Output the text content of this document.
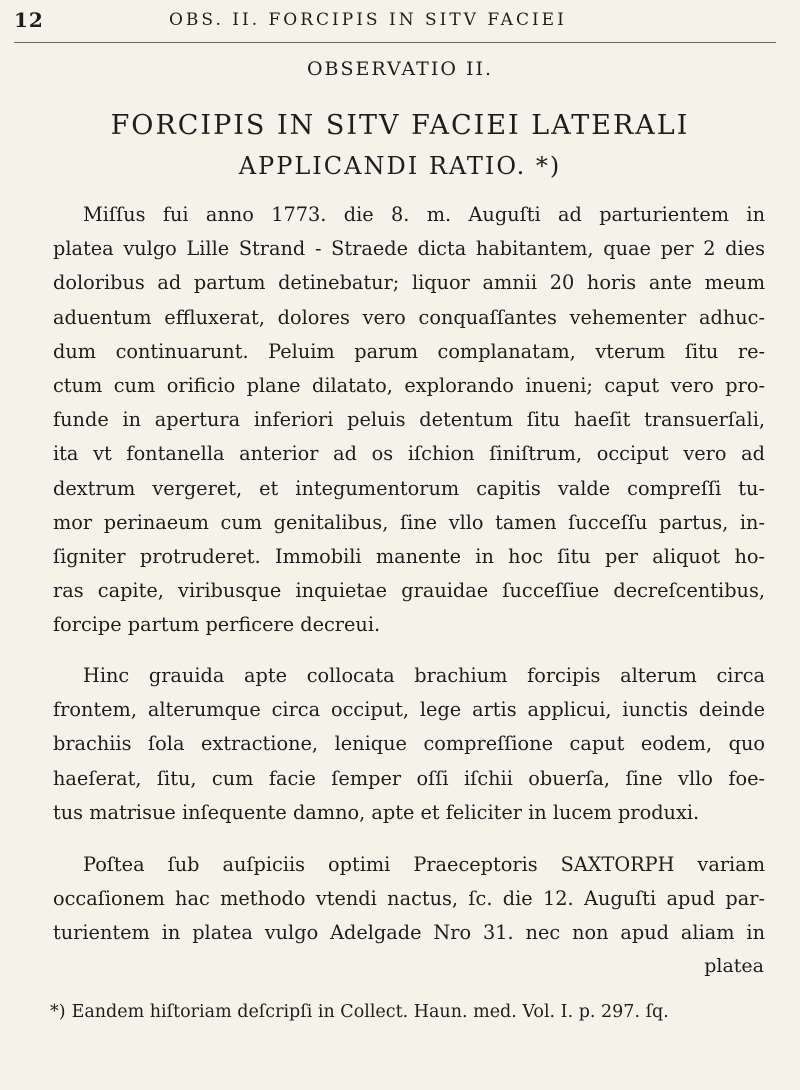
12	OBS. II. FORCIPIS IN SITV FACIEI
OBSERVATIO II.
FORCIPIS IN SITV FACIEI LATERALI
APPLICANDI RATIO. *)

Miſſus fui anno 1773. die 8. m. Auguſti ad parturientem in
platea vulgo Lille Strand - Straede dicta habitantem, quae per 2 dies
doloribus ad partum detinebatur; liquor amnii 20 horis ante meum
aduentum effluxerat, dolores vero conquaſſantes vehementer adhuc-
dum continuarunt. Peluim parum complanatam, vterum ſitu re-
ctum cum orificio plane dilatato, explorando inueni; caput vero pro-
funde in apertura inferiori peluis detentum ſitu haeſit transuerſali,
ita vt fontanella anterior ad os iſchion ſiniſtrum, occiput vero ad
dextrum vergeret, et integumentorum capitis valde compreſſi tu-
mor perinaeum cum genitalibus, ſine vllo tamen ſucceſſu partus, in-
ſigniter protruderet. Immobili manente in hoc ſitu per aliquot ho-
ras capite, viribusque inquietae grauidae ſucceſſiue decreſcentibus,
forcipe partum perficere decreui.

Hinc grauida apte collocata brachium forcipis alterum circa
frontem, alterumque circa occiput, lege artis applicui, iunctis deinde
brachiis ſola extractione, lenique compreſſione caput eodem, quo
haeſerat, ſitu, cum facie ſemper oſſi iſchii obuerſa, ſine vllo foe-
tus matrisue inſequente damno, apte et feliciter in lucem produxi.

Poſtea ſub auſpiciis optimi Praeceptoris SAXTORPH variam
occaſionem hac methodo vtendi nactus, ſc. die 12. Auguſti apud par-
turientem in platea vulgo Adelgade Nro 31. nec non apud aliam in

platea
*) Eandem hiſtoriam deſcripſi in Collect. Haun. med. Vol. I. p. 297. ſq.
